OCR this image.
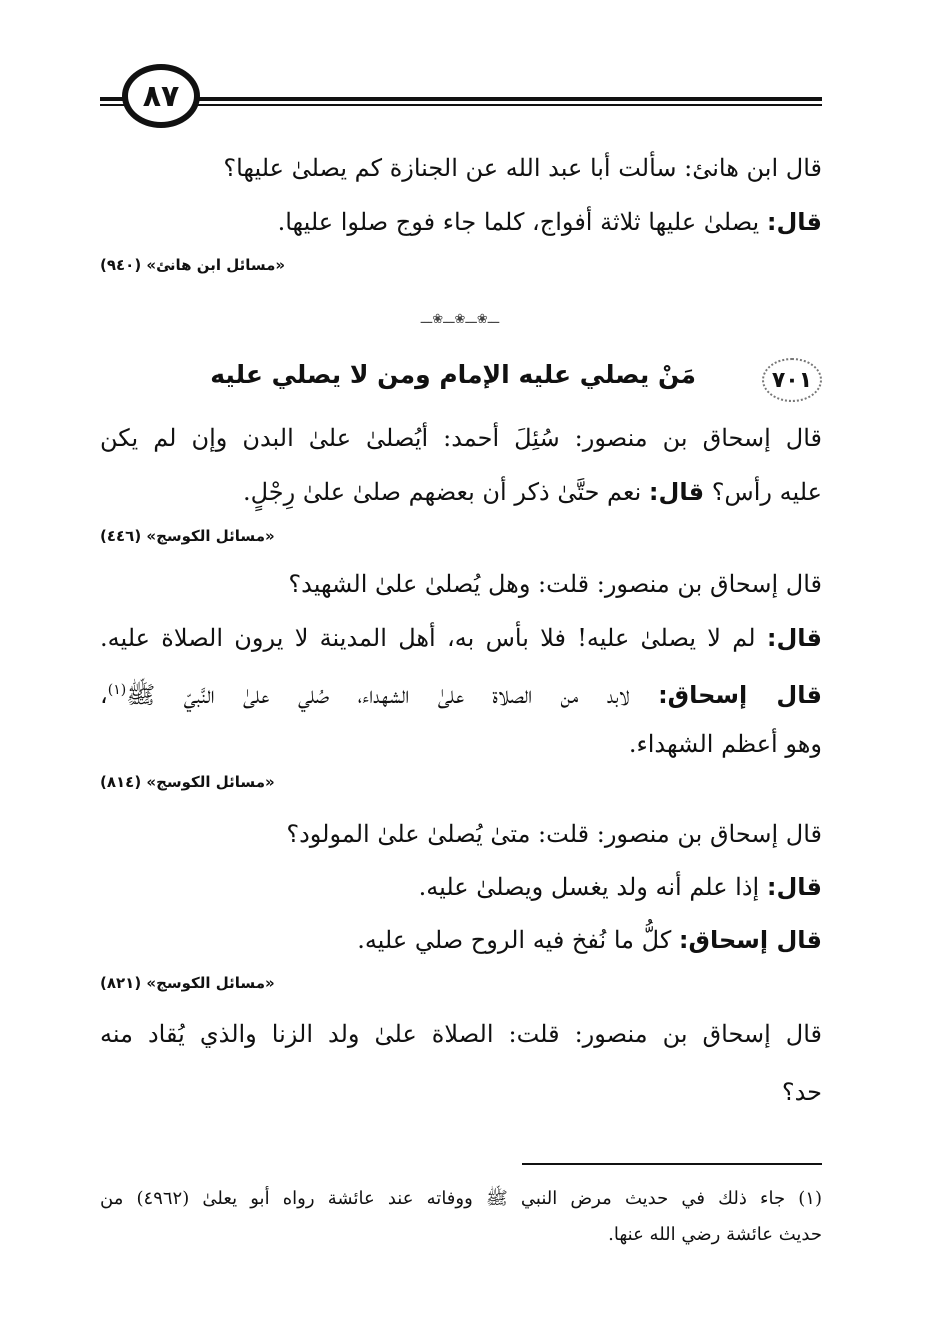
٨٧
قال ابن هانئ: سألت أبا عبد الله عن الجنازة كم يصلىٰ عليها؟
قال: يصلىٰ عليها ثلاثة أفواج، كلما جاء فوج صلوا عليها.
«مسائل ابن هانئ» (٩٤٠)
ـــ❀ـــ❀ـــ❀ـــ
٧٠١
مَنْ يصلي عليه الإمام ومن لا يصلي عليه
قال إسحاق بن منصور: سُئِلَ أحمد: أيُصلىٰ علىٰ البدن وإن لم يكن
عليه رأس؟ قال: نعم حتَّىٰ ذكر أن بعضهم صلىٰ علىٰ رِجْلٍ.
«مسائل الكوسج» (٤٤٦)
قال إسحاق بن منصور: قلت: وهل يُصلىٰ علىٰ الشهيد؟
قال: لم لا يصلىٰ عليه! فلا بأس به، أهل المدينة لا يرون الصلاة عليه.
قال إسحاق: لابد من الصلاة علىٰ الشهداء، صُلي علىٰ النَّبيّ ﷺ$^{(١)}$،
وهو أعظم الشهداء.
«مسائل الكوسج» (٨١٤)
قال إسحاق بن منصور: قلت: متىٰ يُصلىٰ علىٰ المولود؟
قال: إذا علم أنه ولد يغسل ويصلىٰ عليه.
قال إسحاق: كلُّ ما نُفخ فيه الروح صلي عليه.
«مسائل الكوسج» (٨٢١)
قال إسحاق بن منصور: قلت: الصلاة علىٰ ولد الزنا والذي يُقاد منه
حد؟
(١) جاء ذلك في حديث مرض النبي ﷺ ووفاته عند عائشة رواه أبو يعلىٰ (٤٩٦٢) من
حديث عائشة رضي الله عنها.
